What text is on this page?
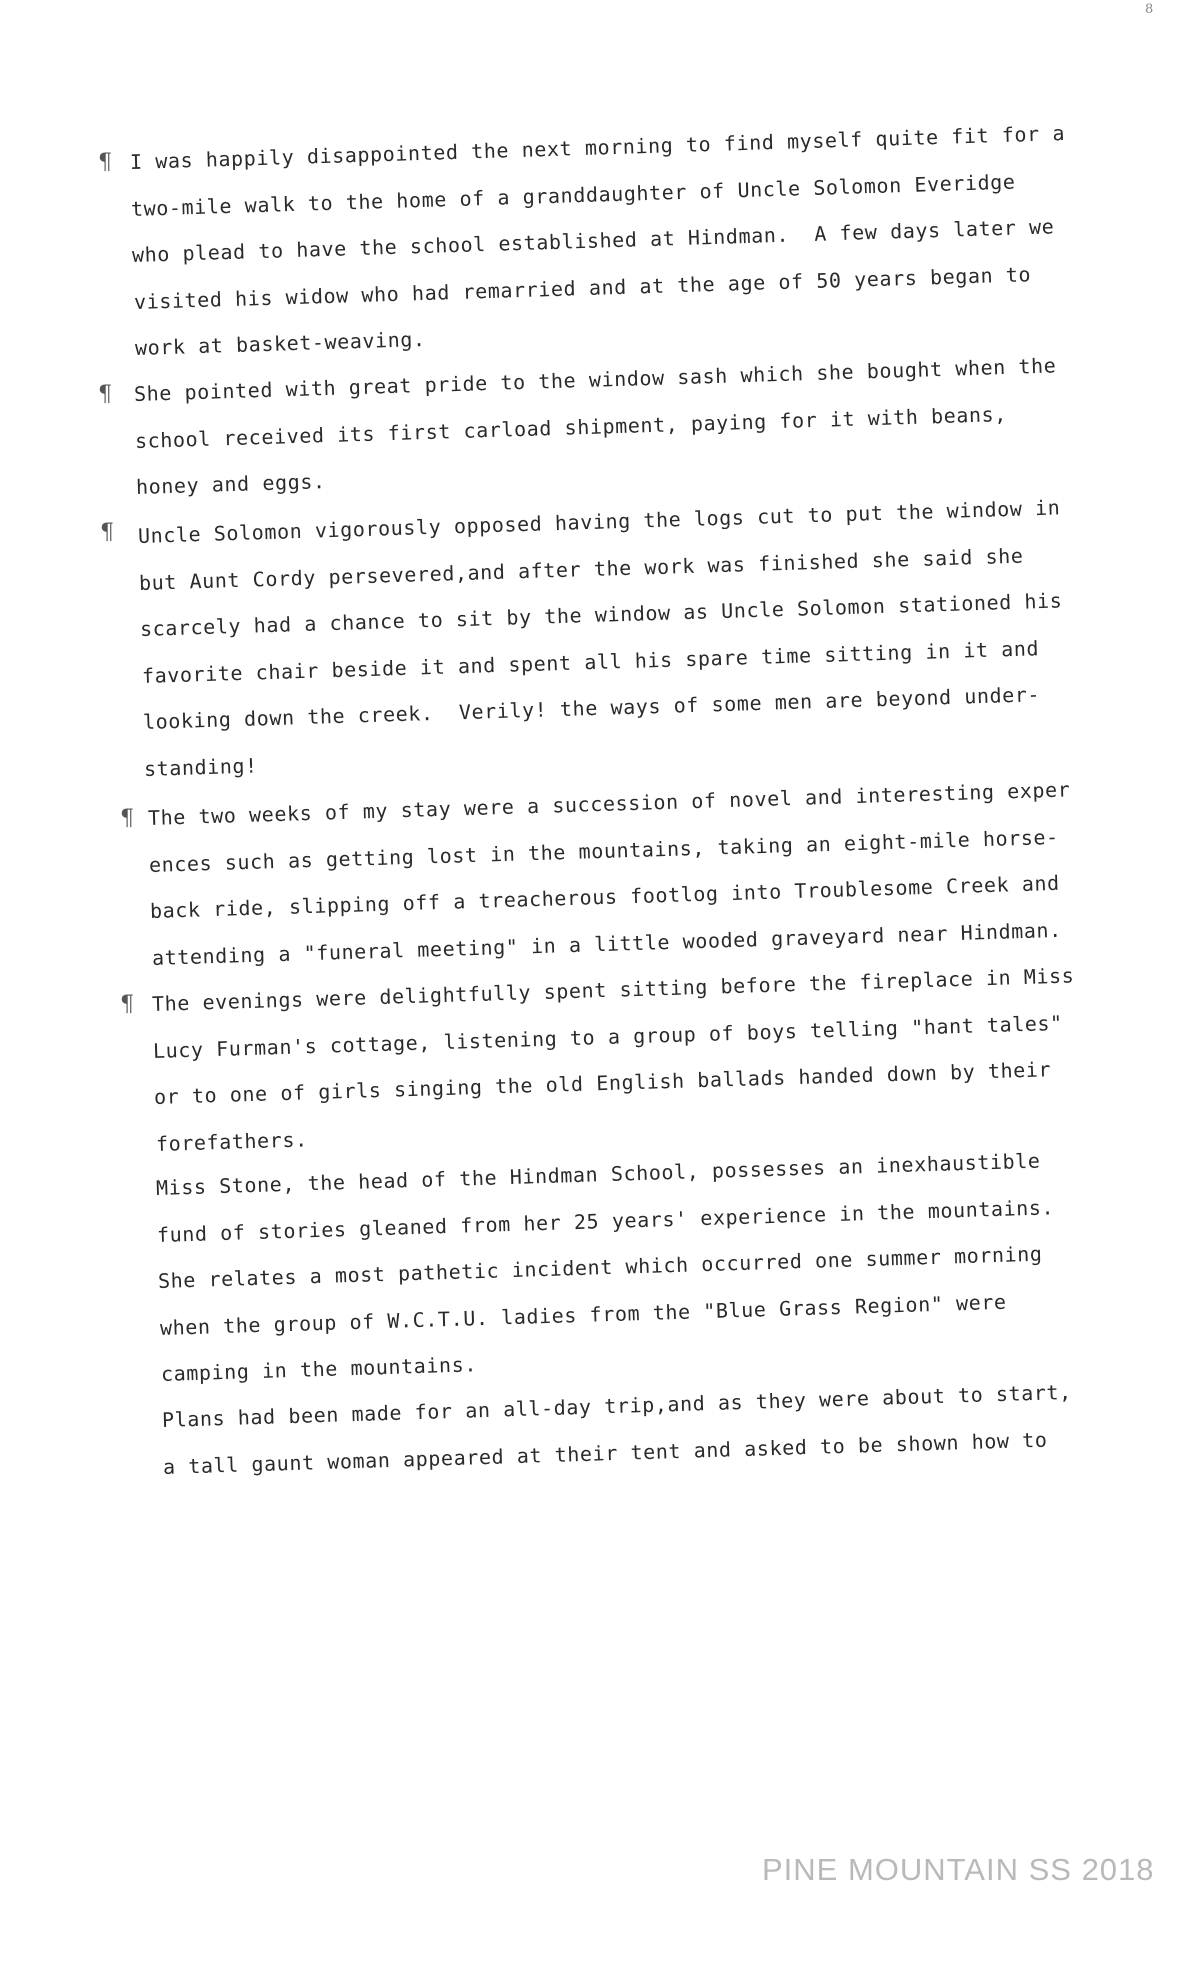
8
¶ I was happily disappointed the next morning to find myself quite fit for a
two-mile walk to the home of a granddaughter of Uncle Solomon Everidge
who plead to have the school established at Hindman.  A few days later we
visited his widow who had remarried and at the age of 50 years began to
work at basket-weaving.
¶ She pointed with great pride to the window sash which she bought when the
school received its first carload shipment, paying for it with beans,
honey and eggs.
¶ Uncle Solomon vigorously opposed having the logs cut to put the window in
but Aunt Cordy persevered,and after the work was finished she said she
scarcely had a chance to sit by the window as Uncle Solomon stationed his
favorite chair beside it and spent all his spare time sitting in it and
looking down the creek.  Verily! the ways of some men are beyond under-
standing!
¶ The two weeks of my stay were a succession of novel and interesting exper
ences such as getting lost in the mountains, taking an eight-mile horse-
back ride, slipping off a treacherous footlog into Troublesome Creek and
attending a "funeral meeting" in a little wooded graveyard near Hindman.
¶ The evenings were delightfully spent sitting before the fireplace in Miss
Lucy Furman's cottage, listening to a group of boys telling "hant tales"
or to one of girls singing the old English ballads handed down by their
forefathers.
Miss Stone, the head of the Hindman School, possesses an inexhaustible
fund of stories gleaned from her 25 years' experience in the mountains.
She relates a most pathetic incident which occurred one summer morning
when the group of W.C.T.U. ladies from the "Blue Grass Region" were
camping in the mountains.
Plans had been made for an all-day trip,and as they were about to start,
a tall gaunt woman appeared at their tent and asked to be shown how to
PINE MOUNTAIN SS 2018
